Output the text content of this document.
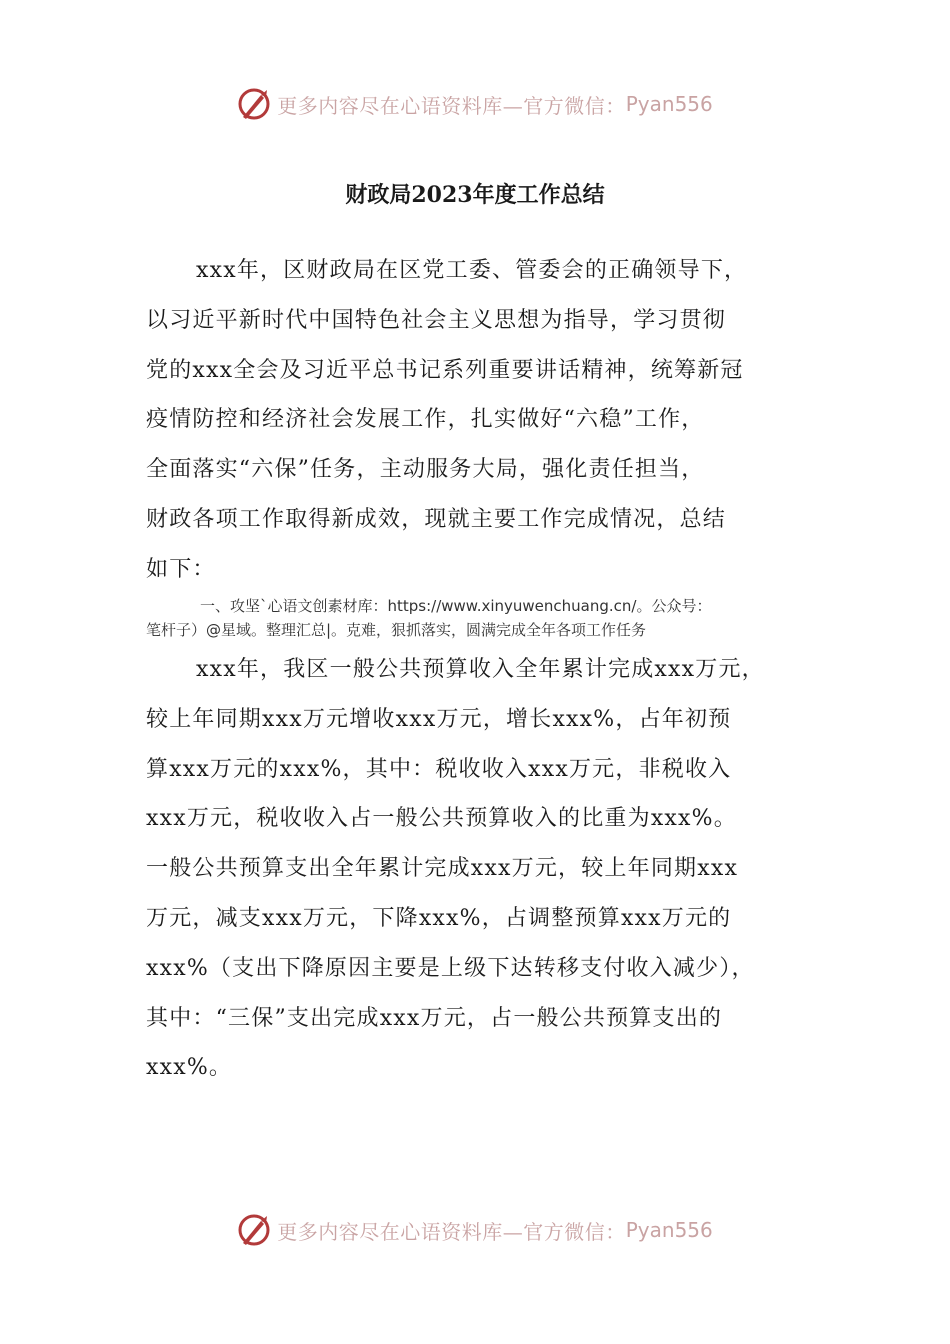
更多内容尽在心语资料库—官方微信： Pyan556
财政局2023年度工作总结
xxx年，区财政局在区党工委、管委会的正确领导下，
以习近平新时代中国特色社会主义思想为指导，学习贯彻
党的xxx全会及习近平总书记系列重要讲话精神，统筹新冠
疫情防控和经济社会发展工作，扎实做好“六稳”工作，
全面落实“六保”任务，主动服务大局，强化责任担当，
财政各项工作取得新成效，现就主要工作完成情况，总结
如下：
一、攻坚`心语文创素材库：https://www.xinyuwenchuang.cn/。公众号：
笔杆子）@星域。整理汇总|。克难，狠抓落实，圆满完成全年各项工作任务
xxx年，我区一般公共预算收入全年累计完成xxx万元，
较上年同期xxx万元增收xxx万元，增长xxx%，占年初预
算xxx万元的xxx%，其中：税收收入xxx万元，非税收入
xxx万元，税收收入占一般公共预算收入的比重为xxx%。
一般公共预算支出全年累计完成xxx万元，较上年同期xxx
万元，减支xxx万元，下降xxx%，占调整预算xxx万元的
xxx%（支出下降原因主要是上级下达转移支付收入减少），
其中：“三保”支出完成xxx万元，占一般公共预算支出的
xxx%。
更多内容尽在心语资料库—官方微信： Pyan556
